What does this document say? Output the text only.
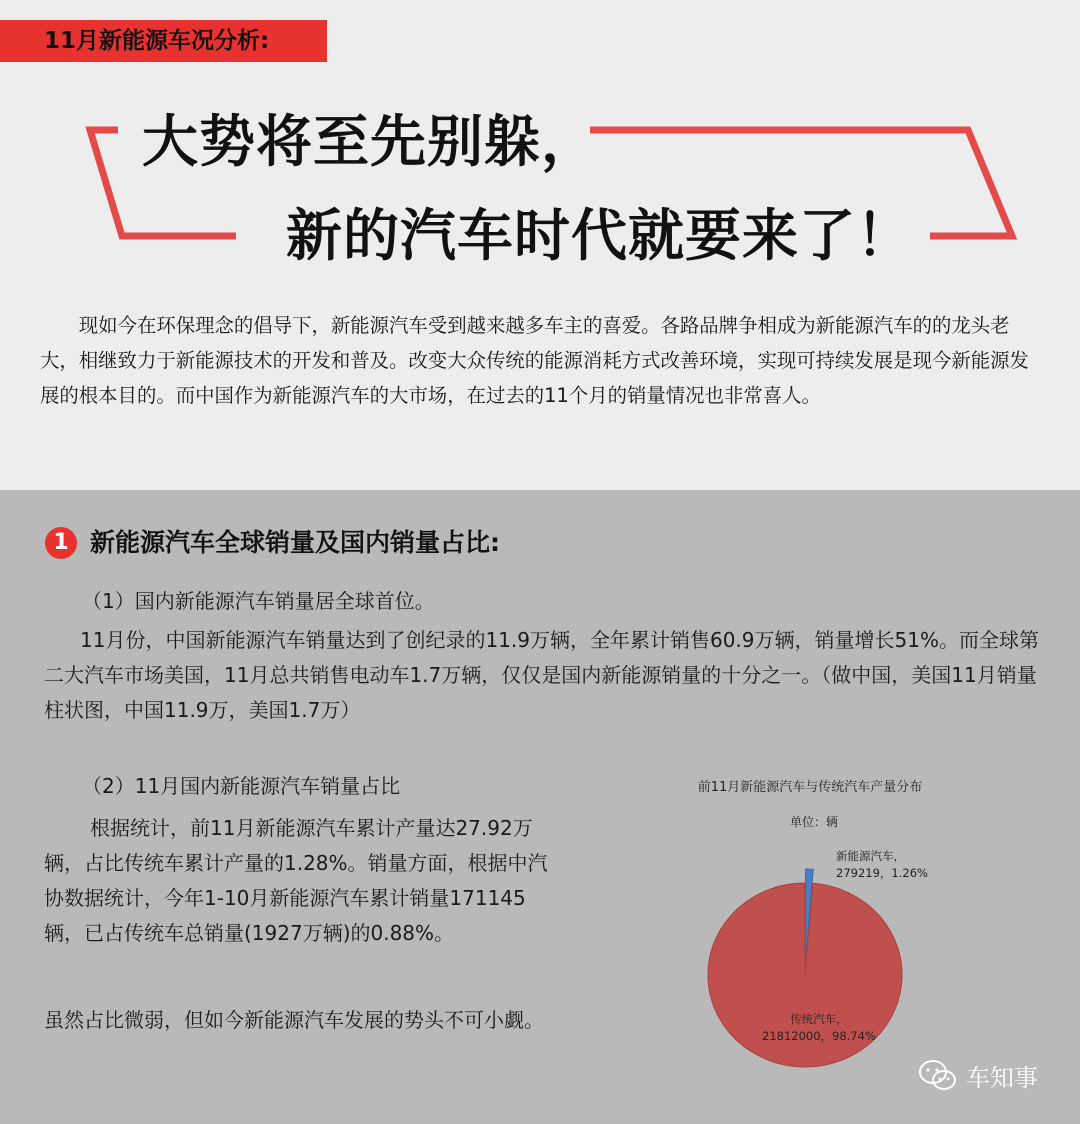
11月新能源车况分析:
大势将至先别躲，
新的汽车时代就要来了！

现如今在环保理念的倡导下，新能源汽车受到越来越多车主的喜爱。各路品牌争相成为新能源汽车的的龙头老大，相继致力于新能源技术的开发和普及。改变大众传统的能源消耗方式改善环境，实现可持续发展是现今新能源发展的根本目的。而中国作为新能源汽车的大市场，在过去的11个月的销量情况也非常喜人。

1 新能源汽车全球销量及国内销量占比:
（1）国内新能源汽车销量居全球首位。

11月份，中国新能源汽车销量达到了创纪录的11.9万辆，全年累计销售60.9万辆，销量增长51%。而全球第二大汽车市场美国，11月总共销售电动车1.7万辆，仅仅是国内新能源销量的十分之一。（做中国，美国11月销量柱状图，中国11.9万，美国1.7万）

（2）11月国内新能源汽车销量占比

根据统计，前11月新能源汽车累计产量达27.92万辆，占比传统车累计产量的1.28%。销量方面，根据中汽协数据统计，今年1-10月新能源汽车累计销量171145辆，已占传统车总销量(1927万辆)的0.88%。

虽然占比微弱，但如今新能源汽车发展的势头不可小觑。

前11月新能源汽车与传统汽车产量分布
单位：辆
新能源汽车，
279219，1.26%
传统汽车，
21812000，98.74%
车知事
